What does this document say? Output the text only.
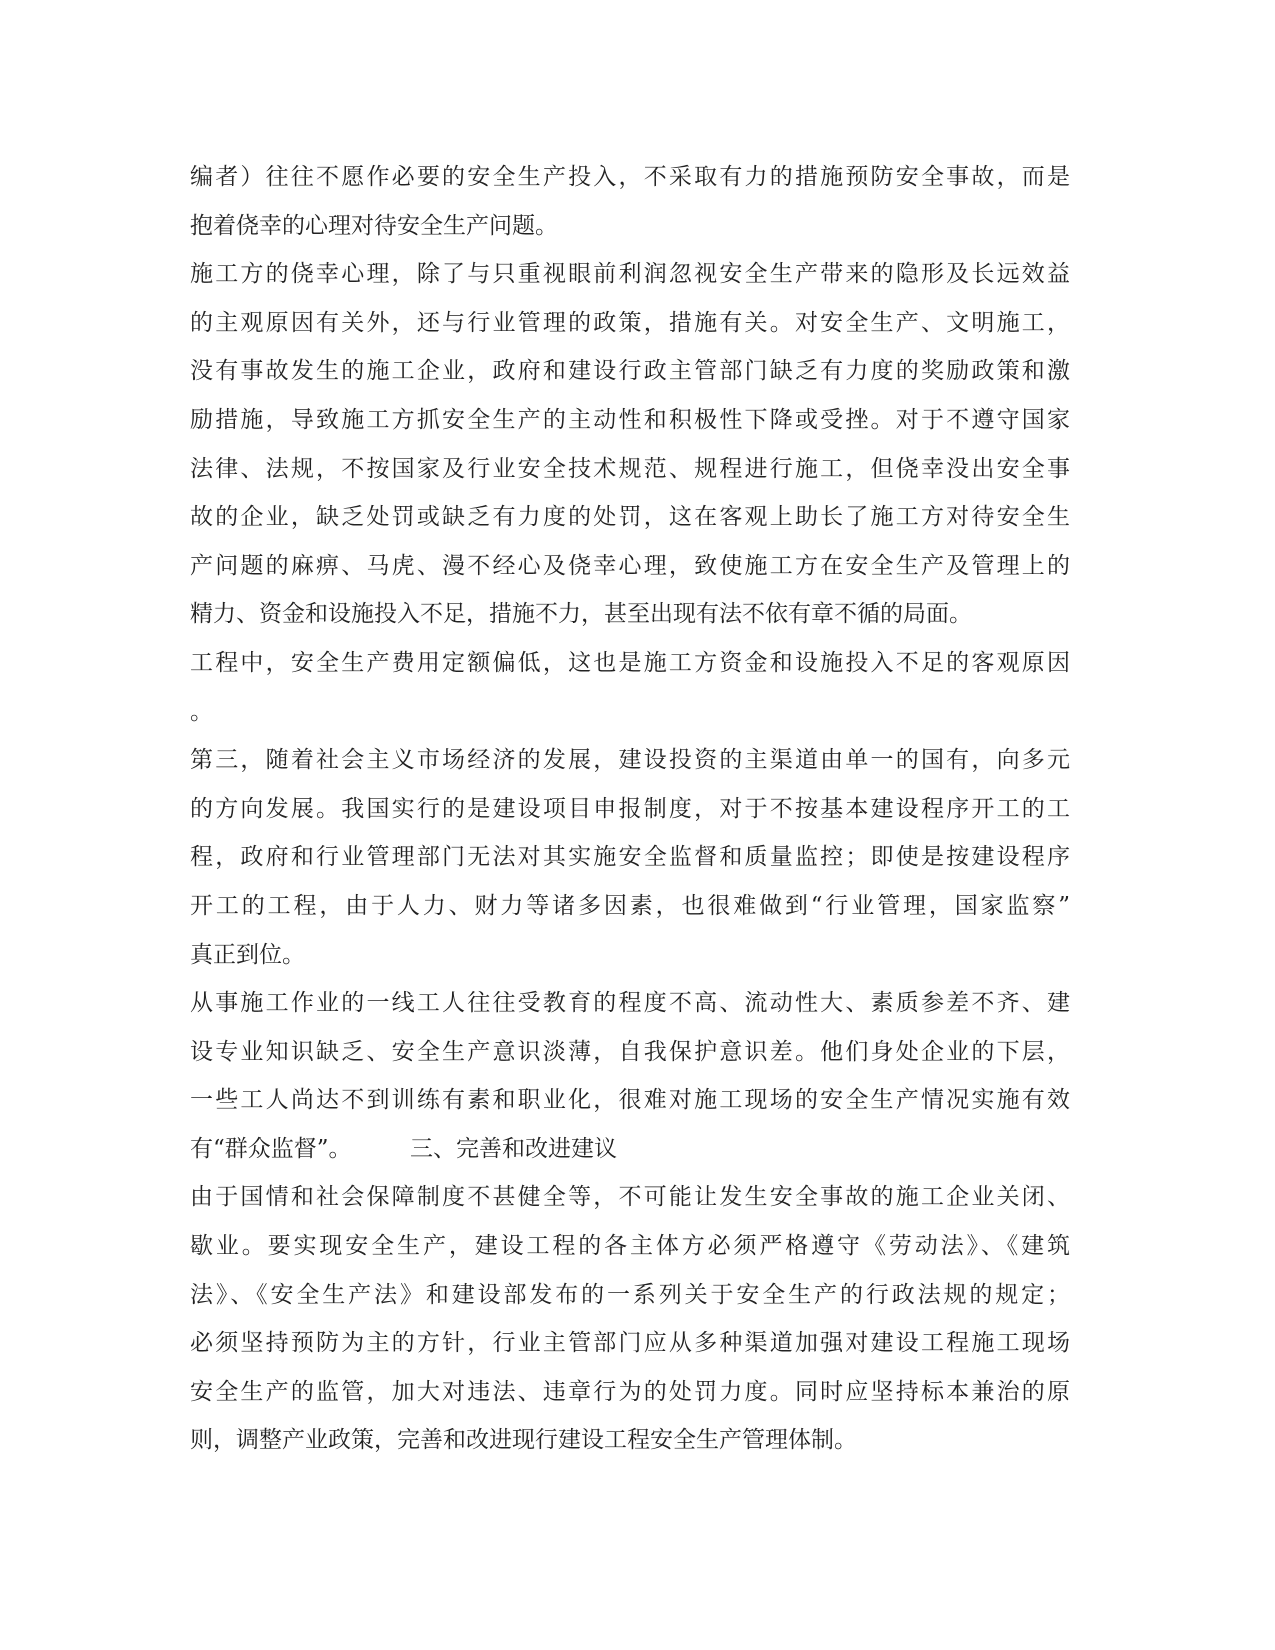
编者）往往不愿作必要的安全生产投入，不采取有力的措施预防安全事故，而是
抱着侥幸的心理对待安全生产问题。
施工方的侥幸心理，除了与只重视眼前利润忽视安全生产带来的隐形及长远效益
的主观原因有关外，还与行业管理的政策，措施有关。对安全生产、文明施工，
没有事故发生的施工企业，政府和建设行政主管部门缺乏有力度的奖励政策和激
励措施，导致施工方抓安全生产的主动性和积极性下降或受挫。对于不遵守国家
法律、法规，不按国家及行业安全技术规范、规程进行施工，但侥幸没出安全事
故的企业，缺乏处罚或缺乏有力度的处罚，这在客观上助长了施工方对待安全生
产问题的麻痹、马虎、漫不经心及侥幸心理，致使施工方在安全生产及管理上的
精力、资金和设施投入不足，措施不力，甚至出现有法不依有章不循的局面。
工程中，安全生产费用定额偏低，这也是施工方资金和设施投入不足的客观原因
。
第三，随着社会主义市场经济的发展，建设投资的主渠道由单一的国有，向多元
的方向发展。我国实行的是建设项目申报制度，对于不按基本建设程序开工的工
程，政府和行业管理部门无法对其实施安全监督和质量监控；即使是按建设程序
开工的工程，由于人力、财力等诸多因素，也很难做到“行业管理，国家监察”
真正到位。
从事施工作业的一线工人往往受教育的程度不高、流动性大、素质参差不齐、建
设专业知识缺乏、安全生产意识淡薄，自我保护意识差。他们身处企业的下层，
一些工人尚达不到训练有素和职业化，很难对施工现场的安全生产情况实施有效
有“群众监督”。        三、完善和改进建议
由于国情和社会保障制度不甚健全等，不可能让发生安全事故的施工企业关闭、
歇业。要实现安全生产，建设工程的各主体方必须严格遵守《劳动法》、《建筑
法》、《安全生产法》和建设部发布的一系列关于安全生产的行政法规的规定；
必须坚持预防为主的方针，行业主管部门应从多种渠道加强对建设工程施工现场
安全生产的监管，加大对违法、违章行为的处罚力度。同时应坚持标本兼治的原
则，调整产业政策，完善和改进现行建设工程安全生产管理体制。
